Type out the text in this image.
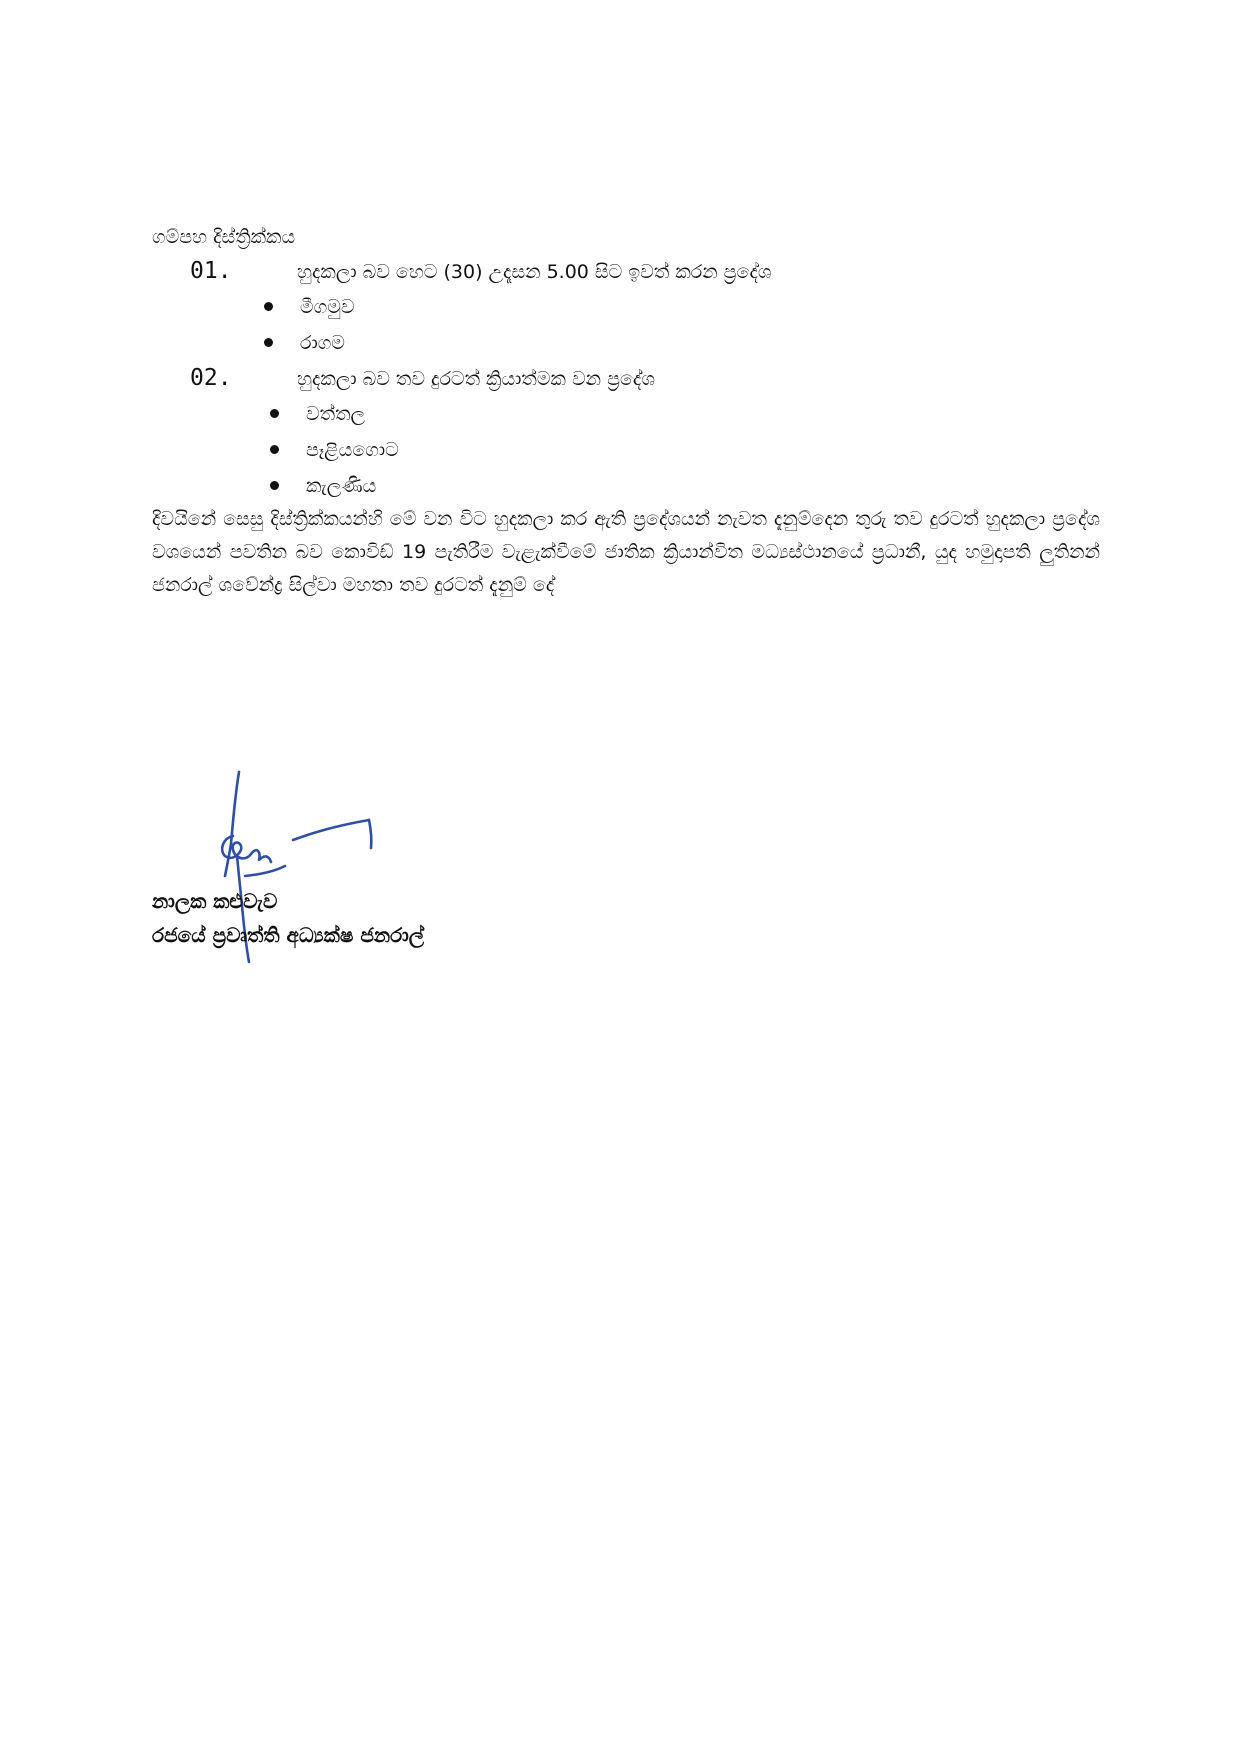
ගම්පහ දිස්ත්‍රික්කය
01.	හුදකලා බව හෙට (30) උදෑසන 5.00 සිට ඉවත් කරන ප්‍රදේශ
මීගමුව
රාගම
02.	හුදකලා බව තව දුරටත් ක්‍රියාත්මක වන ප්‍රදේශ
වත්තල
පෑළියගොට
කැලණිය

දිවයිනේ සෙසු දිස්ත්‍රික්කයන්හි මේ වන විට හුදකලා කර ඇති ප්‍රදේශයන් නැවත දැනුම්දෙන තුරු තව දුරටත් හුදකලා ප්‍රදේශ වශයෙන් පවතින බව කොවිඩ් 19 පැතිරීම වැළැක්වීමේ ජාතික ක්‍රියාන්විත මධ්‍යස්ථානයේ ප්‍රධානී, යුද හමුදාපති ලුතිනන් ජනරාල් ශවේන්ද්‍ර සිල්වා මහතා තව දුරටත් දැනුම් දේ

නාලක කළුවැව
රජයේ ප්‍රවෘත්ති අධ්‍යක්ෂ ජනරාල්
